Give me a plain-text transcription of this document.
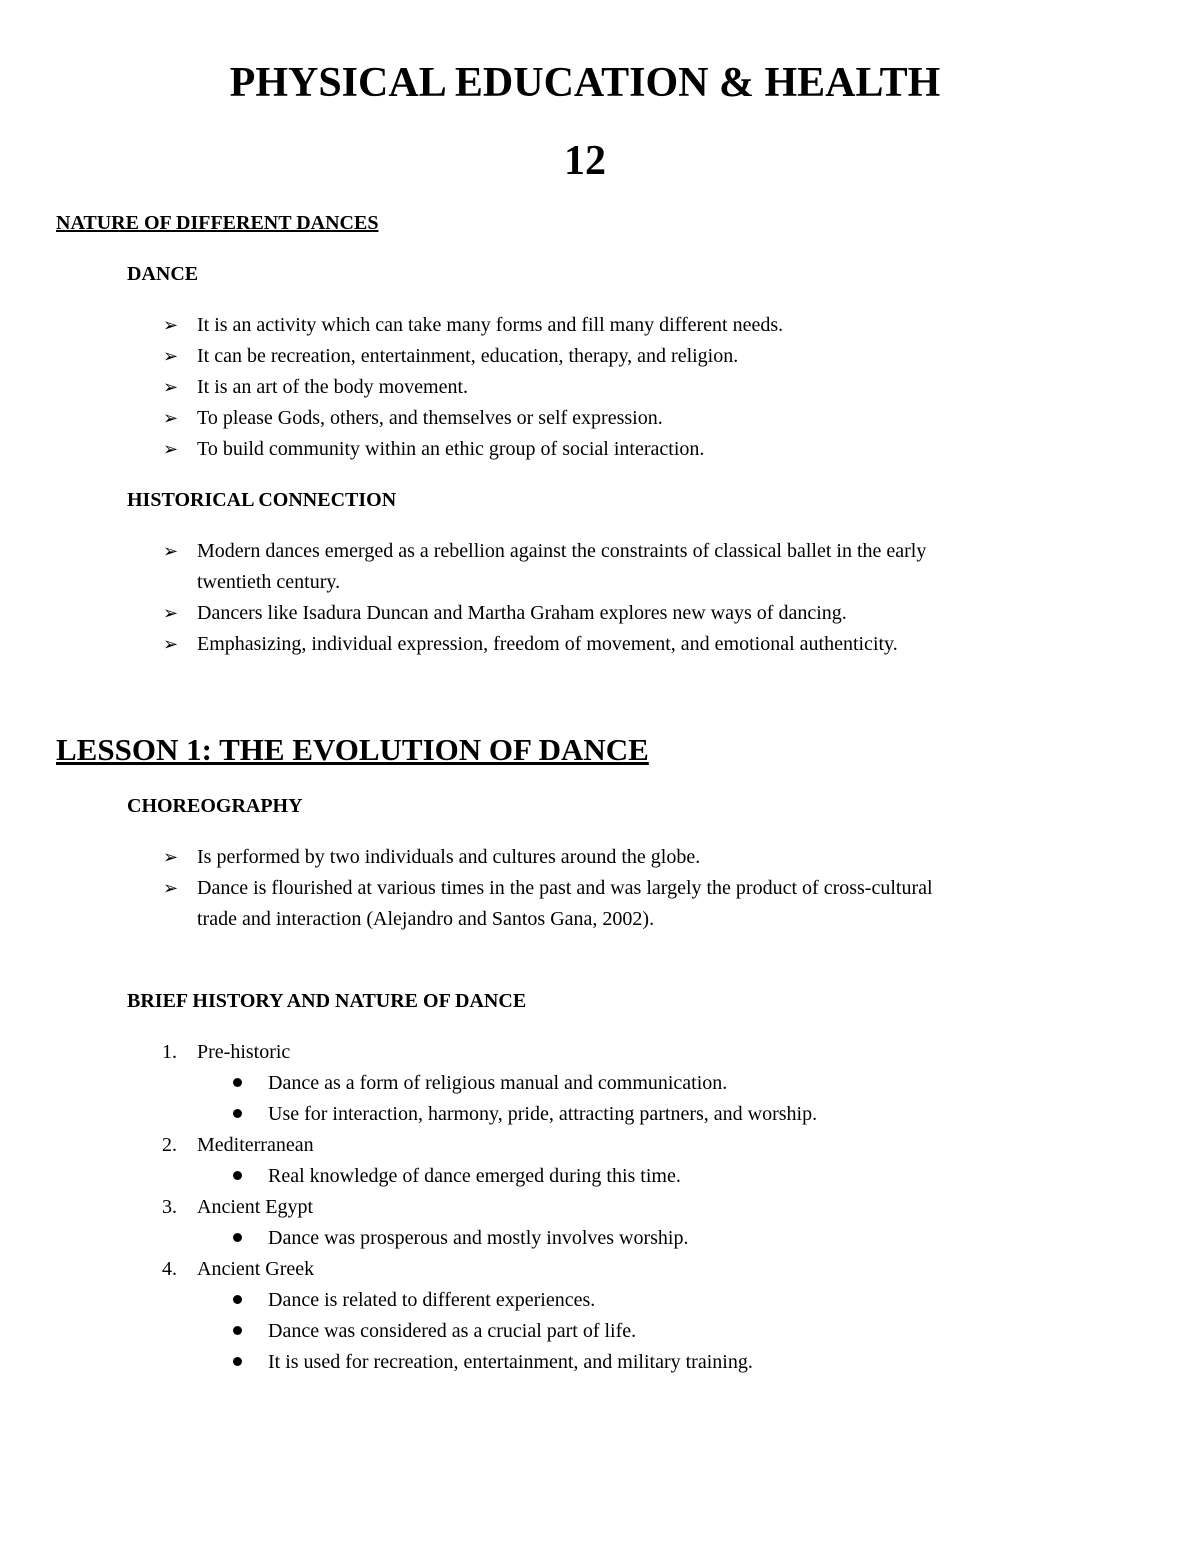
PHYSICAL EDUCATION & HEALTH
12
NATURE OF DIFFERENT DANCES
DANCE
➢ It is an activity which can take many forms and fill many different needs.
➢ It can be recreation, entertainment, education, therapy, and religion.
➢ It is an art of the body movement.
➢ To please Gods, others, and themselves or self expression.
➢ To build community within an ethic group of social interaction.
HISTORICAL CONNECTION
➢ Modern dances emerged as a rebellion against the constraints of classical ballet in the early
twentieth century.
➢ Dancers like Isadura Duncan and Martha Graham explores new ways of dancing.
➢ Emphasizing, individual expression, freedom of movement, and emotional authenticity.
LESSON 1: THE EVOLUTION OF DANCE
CHOREOGRAPHY
➢ Is performed by two individuals and cultures around the globe.
➢ Dance is flourished at various times in the past and was largely the product of cross-cultural
trade and interaction (Alejandro and Santos Gana, 2002).
BRIEF HISTORY AND NATURE OF DANCE
1. Pre-historic
Dance as a form of religious manual and communication.
Use for interaction, harmony, pride, attracting partners, and worship.
2. Mediterranean
Real knowledge of dance emerged during this time.
3. Ancient Egypt
Dance was prosperous and mostly involves worship.
4. Ancient Greek
Dance is related to different experiences.
Dance was considered as a crucial part of life.
It is used for recreation, entertainment, and military training.
